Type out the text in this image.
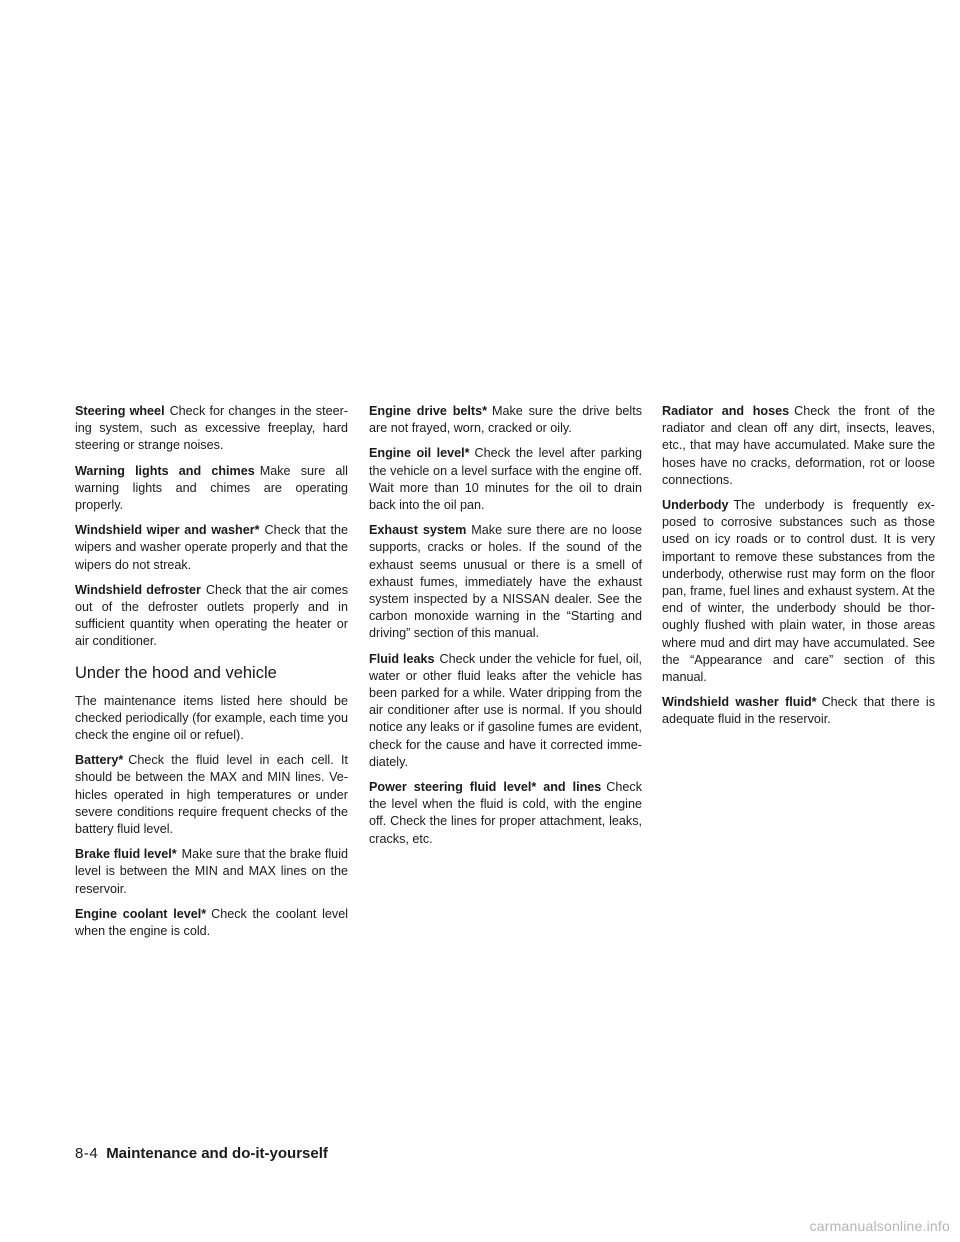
Steering wheel Check for changes in the steer-ing system, such as excessive freeplay, hard steering or strange noises.

Warning lights and chimes Make sure all warning lights and chimes are operating properly.

Windshield wiper and washer* Check that the wipers and washer operate properly and that the wipers do not streak.

Windshield defroster Check that the air comes out of the defroster outlets properly and in sufficient quantity when operating the heater or air conditioner.

Under the hood and vehicle

The maintenance items listed here should be checked periodically (for example, each time you check the engine oil or refuel).

Battery* Check the fluid level in each cell. It should be between the MAX and MIN lines. Ve-hicles operated in high temperatures or under severe conditions require frequent checks of the battery fluid level.

Brake fluid level* Make sure that the brake fluid level is between the MIN and MAX lines on the reservoir.

Engine coolant level* Check the coolant level when the engine is cold.

Engine drive belts* Make sure the drive belts are not frayed, worn, cracked or oily.

Engine oil level* Check the level after parking the vehicle on a level surface with the engine off. Wait more than 10 minutes for the oil to drain back into the oil pan.

Exhaust system Make sure there are no loose supports, cracks or holes. If the sound of the exhaust seems unusual or there is a smell of exhaust fumes, immediately have the exhaust system inspected by a NISSAN dealer. See the carbon monoxide warning in the “Starting and driving” section of this manual.

Fluid leaks Check under the vehicle for fuel, oil, water or other fluid leaks after the vehicle has been parked for a while. Water dripping from the air conditioner after use is normal. If you should notice any leaks or if gasoline fumes are evident, check for the cause and have it corrected imme-diately.

Power steering fluid level* and lines Check the level when the fluid is cold, with the engine off. Check the lines for proper attachment, leaks, cracks, etc.

Radiator and hoses Check the front of the radiator and clean off any dirt, insects, leaves, etc., that may have accumulated. Make sure the hoses have no cracks, deformation, rot or loose connections.

Underbody The underbody is frequently ex-posed to corrosive substances such as those used on icy roads or to control dust. It is very important to remove these substances from the underbody, otherwise rust may form on the floor pan, frame, fuel lines and exhaust system. At the end of winter, the underbody should be thor-oughly flushed with plain water, in those areas where mud and dirt may have accumulated. See the “Appearance and care” section of this manual.

Windshield washer fluid* Check that there is adequate fluid in the reservoir.

8-4 Maintenance and do-it-yourself
carmanualsonline.info
